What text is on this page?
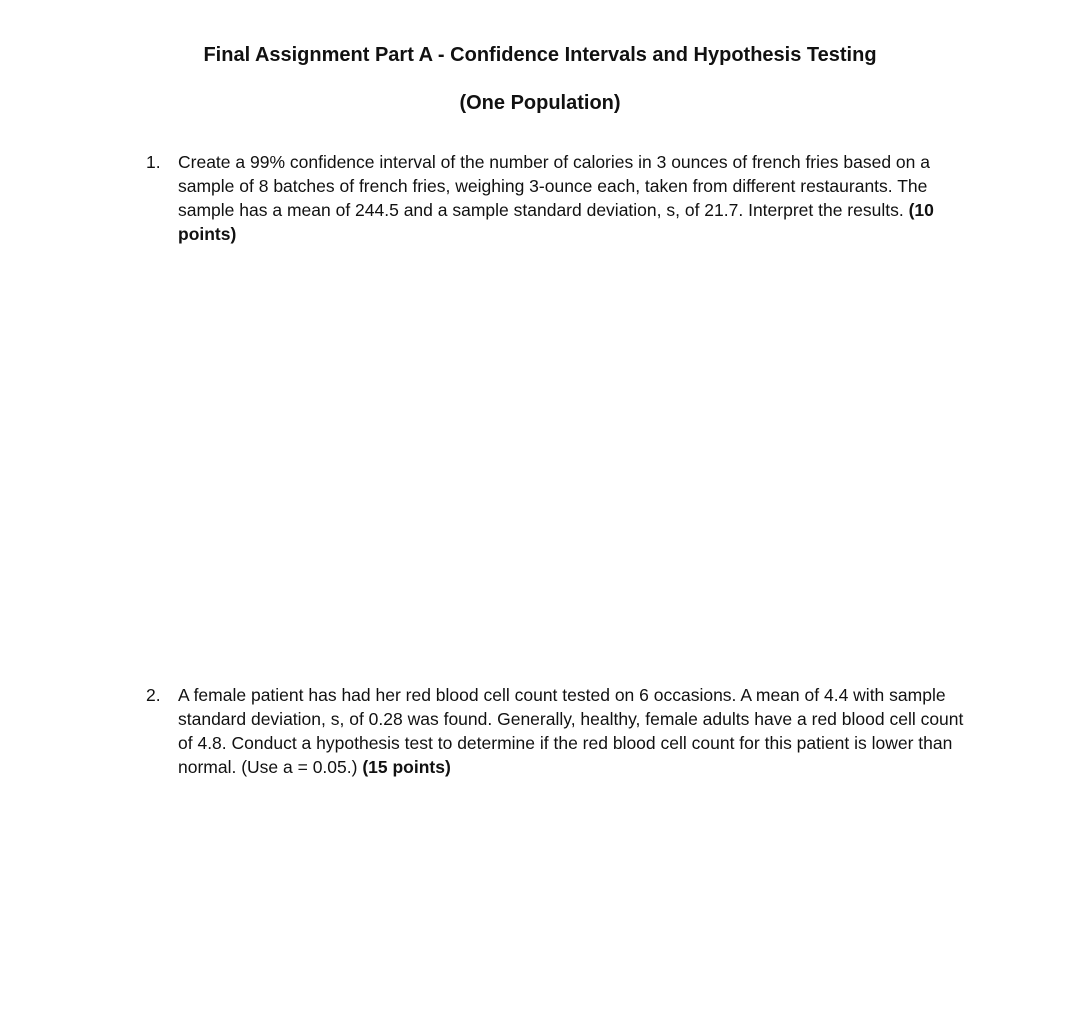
Final Assignment Part A - Confidence Intervals and Hypothesis Testing
(One Population)
1. Create a 99% confidence interval of the number of calories in 3 ounces of french fries based on a sample of 8 batches of french fries, weighing 3-ounce each, taken from different restaurants. The sample has a mean of 244.5 and a sample standard deviation, s, of 21.7. Interpret the results. (10 points)
2. A female patient has had her red blood cell count tested on 6 occasions. A mean of 4.4 with sample standard deviation, s, of 0.28 was found. Generally, healthy, female adults have a red blood cell count of 4.8. Conduct a hypothesis test to determine if the red blood cell count for this patient is lower than normal. (Use a = 0.05.) (15 points)
